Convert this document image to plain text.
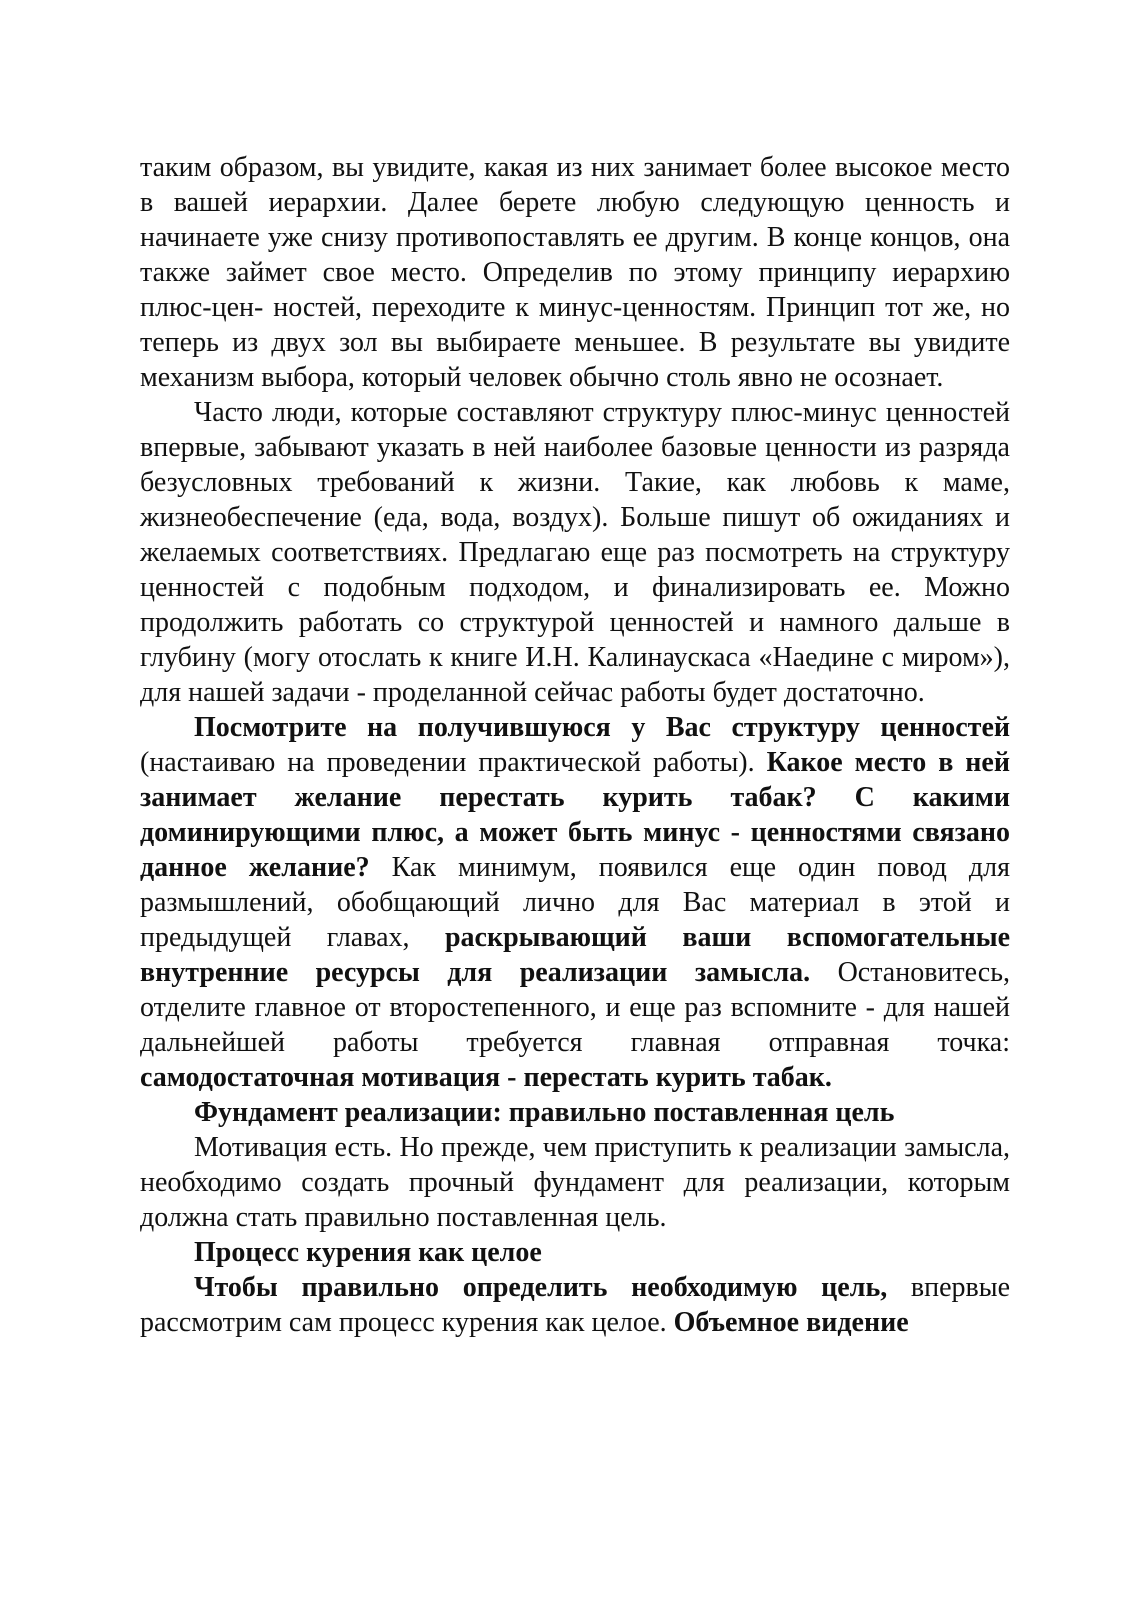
таким образом, вы увидите, какая из них занимает более высокое место в вашей иерархии. Далее берете любую следующую ценность и начинаете уже снизу противопоставлять ее другим. В конце концов, она также займет свое место. Определив по этому принципу иерархию плюс-цен- ностей, переходите к минус-ценностям. Принцип тот же, но теперь из двух зол вы выбираете меньшее. В результате вы увидите механизм выбора, который человек обычно столь явно не осознает.

Часто люди, которые составляют структуру плюс-минус ценностей впервые, забывают указать в ней наиболее базовые ценности из разряда безусловных требований к жизни. Такие, как любовь к маме, жизнеобеспечение (еда, вода, воздух). Больше пишут об ожиданиях и желаемых соответствиях. Предлагаю еще раз посмотреть на структуру ценностей с подобным подходом, и финализировать ее. Можно продолжить работать со структурой ценностей и намного дальше в глубину (могу отослать к книге И.Н. Калинаускаса «Наедине с миром»), для нашей задачи - проделанной сейчас работы будет достаточно.

Посмотрите на получившуюся у Вас структуру ценностей (настаиваю на проведении практической работы). Какое место в ней занимает желание перестать курить табак? С какими доминирующими плюс, а может быть минус - ценностями связано данное желание? Как минимум, появился еще один повод для размышлений, обобщающий лично для Вас материал в этой и предыдущей главах, раскрывающий ваши вспомогательные внутренние ресурсы для реализации замысла. Остановитесь, отделите главное от второстепенного, и еще раз вспомните - для нашей дальнейшей работы требуется главная отправная точка: самодостаточная мотивация - перестать курить табак.

Фундамент реализации: правильно поставленная цель

Мотивация есть. Но прежде, чем приступить к реализации замысла, необходимо создать прочный фундамент для реализации, которым должна стать правильно поставленная цель.

Процесс курения как целое

Чтобы правильно определить необходимую цель, впервые рассмотрим сам процесс курения как целое. Объемное видение
